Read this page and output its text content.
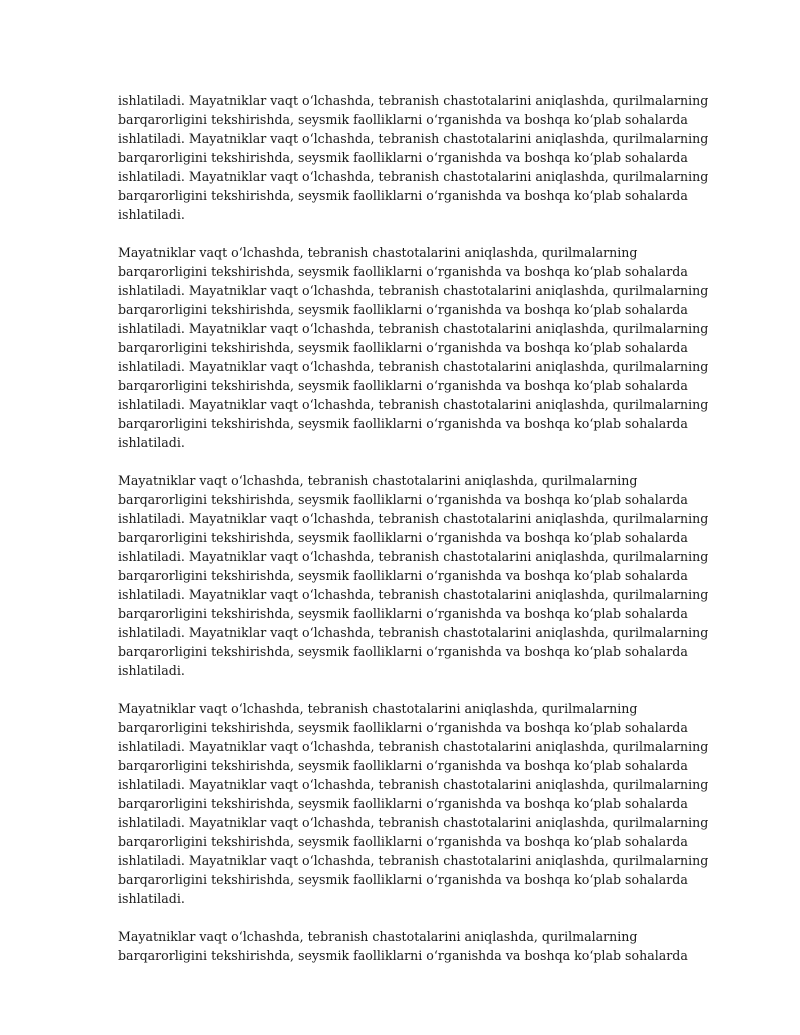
ishlatiladi. Mayatniklar vaqt o‘lchashda, tebranish chastotalarini aniqlashda, qurilmalarning
barqarorligini tekshirishda, seysmik faolliklarni o‘rganishda va boshqa ko‘plab sohalarda
ishlatiladi. Mayatniklar vaqt o‘lchashda, tebranish chastotalarini aniqlashda, qurilmalarning
barqarorligini tekshirishda, seysmik faolliklarni o‘rganishda va boshqa ko‘plab sohalarda
ishlatiladi. Mayatniklar vaqt o‘lchashda, tebranish chastotalarini aniqlashda, qurilmalarning
barqarorligini tekshirishda, seysmik faolliklarni o‘rganishda va boshqa ko‘plab sohalarda
ishlatiladi.

Mayatniklar vaqt o‘lchashda, tebranish chastotalarini aniqlashda, qurilmalarning
barqarorligini tekshirishda, seysmik faolliklarni o‘rganishda va boshqa ko‘plab sohalarda
ishlatiladi. Mayatniklar vaqt o‘lchashda, tebranish chastotalarini aniqlashda, qurilmalarning
barqarorligini tekshirishda, seysmik faolliklarni o‘rganishda va boshqa ko‘plab sohalarda
ishlatiladi. Mayatniklar vaqt o‘lchashda, tebranish chastotalarini aniqlashda, qurilmalarning
barqarorligini tekshirishda, seysmik faolliklarni o‘rganishda va boshqa ko‘plab sohalarda
ishlatiladi. Mayatniklar vaqt o‘lchashda, tebranish chastotalarini aniqlashda, qurilmalarning
barqarorligini tekshirishda, seysmik faolliklarni o‘rganishda va boshqa ko‘plab sohalarda
ishlatiladi. Mayatniklar vaqt o‘lchashda, tebranish chastotalarini aniqlashda, qurilmalarning
barqarorligini tekshirishda, seysmik faolliklarni o‘rganishda va boshqa ko‘plab sohalarda
ishlatiladi.

Mayatniklar vaqt o‘lchashda, tebranish chastotalarini aniqlashda, qurilmalarning
barqarorligini tekshirishda, seysmik faolliklarni o‘rganishda va boshqa ko‘plab sohalarda
ishlatiladi. Mayatniklar vaqt o‘lchashda, tebranish chastotalarini aniqlashda, qurilmalarning
barqarorligini tekshirishda, seysmik faolliklarni o‘rganishda va boshqa ko‘plab sohalarda
ishlatiladi. Mayatniklar vaqt o‘lchashda, tebranish chastotalarini aniqlashda, qurilmalarning
barqarorligini tekshirishda, seysmik faolliklarni o‘rganishda va boshqa ko‘plab sohalarda
ishlatiladi. Mayatniklar vaqt o‘lchashda, tebranish chastotalarini aniqlashda, qurilmalarning
barqarorligini tekshirishda, seysmik faolliklarni o‘rganishda va boshqa ko‘plab sohalarda
ishlatiladi. Mayatniklar vaqt o‘lchashda, tebranish chastotalarini aniqlashda, qurilmalarning
barqarorligini tekshirishda, seysmik faolliklarni o‘rganishda va boshqa ko‘plab sohalarda
ishlatiladi.

Mayatniklar vaqt o‘lchashda, tebranish chastotalarini aniqlashda, qurilmalarning
barqarorligini tekshirishda, seysmik faolliklarni o‘rganishda va boshqa ko‘plab sohalarda
ishlatiladi. Mayatniklar vaqt o‘lchashda, tebranish chastotalarini aniqlashda, qurilmalarning
barqarorligini tekshirishda, seysmik faolliklarni o‘rganishda va boshqa ko‘plab sohalarda
ishlatiladi. Mayatniklar vaqt o‘lchashda, tebranish chastotalarini aniqlashda, qurilmalarning
barqarorligini tekshirishda, seysmik faolliklarni o‘rganishda va boshqa ko‘plab sohalarda
ishlatiladi. Mayatniklar vaqt o‘lchashda, tebranish chastotalarini aniqlashda, qurilmalarning
barqarorligini tekshirishda, seysmik faolliklarni o‘rganishda va boshqa ko‘plab sohalarda
ishlatiladi. Mayatniklar vaqt o‘lchashda, tebranish chastotalarini aniqlashda, qurilmalarning
barqarorligini tekshirishda, seysmik faolliklarni o‘rganishda va boshqa ko‘plab sohalarda
ishlatiladi.

Mayatniklar vaqt o‘lchashda, tebranish chastotalarini aniqlashda, qurilmalarning
barqarorligini tekshirishda, seysmik faolliklarni o‘rganishda va boshqa ko‘plab sohalarda
